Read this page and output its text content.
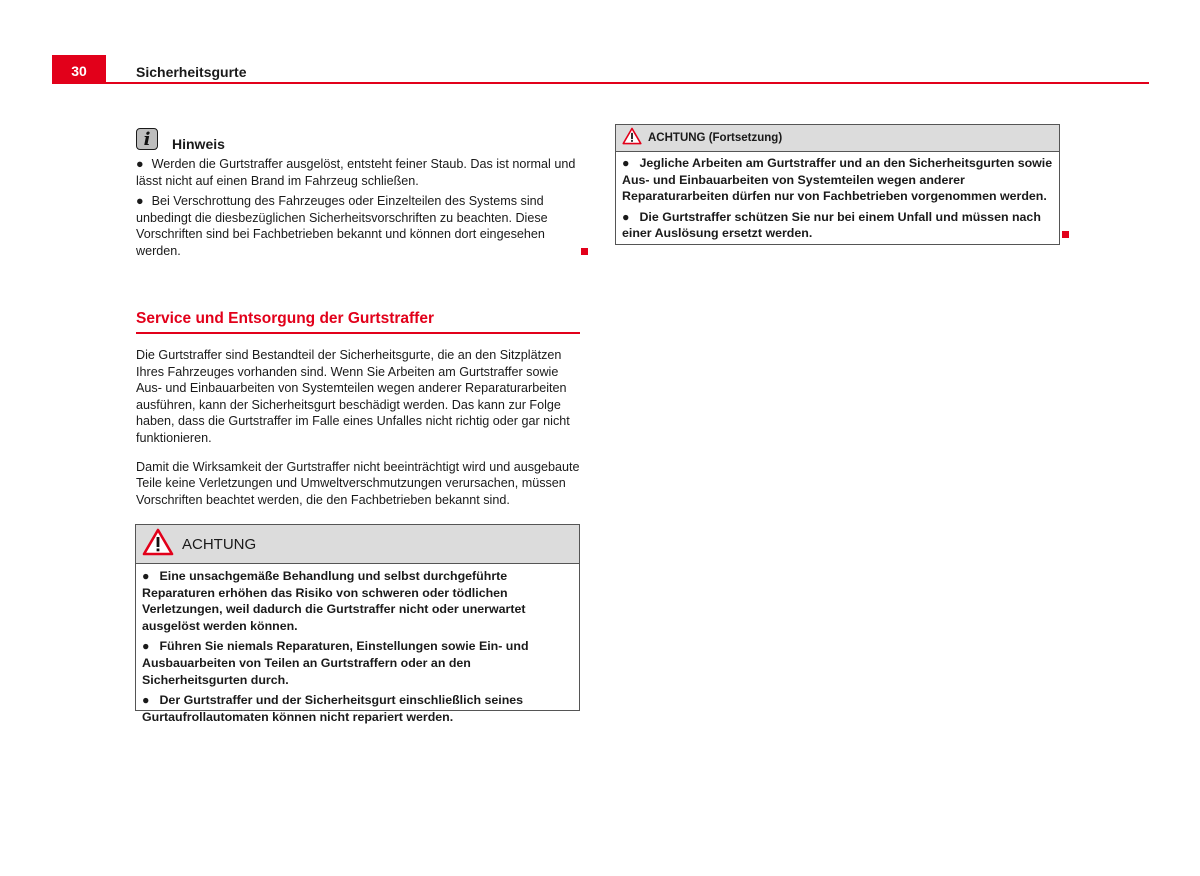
30	Sicherheitsgurte
i	Hinweis

● Werden die Gurtstraffer ausgelöst, entsteht feiner Staub. Das ist normal und lässt nicht auf einen Brand im Fahrzeug schließen.

● Bei Verschrottung des Fahrzeuges oder Einzelteilen des Systems sind unbedingt die diesbezüglichen Sicherheitsvorschriften zu beachten. Diese Vorschriften sind bei Fachbetrieben bekannt und können dort eingesehen werden.

Service und Entsorgung der Gurtstraffer

Die Gurtstraffer sind Bestandteil der Sicherheitsgurte, die an den Sitzplätzen Ihres Fahrzeuges vorhanden sind. Wenn Sie Arbeiten am Gurtstraffer sowie Aus- und Einbauarbeiten von Systemteilen wegen anderer Reparaturarbeiten ausführen, kann der Sicherheitsgurt beschädigt werden. Das kann zur Folge haben, dass die Gurtstraffer im Falle eines Unfalles nicht richtig oder gar nicht funktionieren.

Damit die Wirksamkeit der Gurtstraffer nicht beeinträchtigt wird und ausgebaute Teile keine Verletzungen und Umweltverschmutzungen verursachen, müssen Vorschriften beachtet werden, die den Fachbetrieben bekannt sind.

ACHTUNG

● Eine unsachgemäße Behandlung und selbst durchgeführte Reparaturen erhöhen das Risiko von schweren oder tödlichen Verletzungen, weil dadurch die Gurtstraffer nicht oder unerwartet ausgelöst werden können.

● Führen Sie niemals Reparaturen, Einstellungen sowie Ein- und Ausbauarbeiten von Teilen an Gurtstraffern oder an den Sicherheitsgurten durch.

● Der Gurtstraffer und der Sicherheitsgurt einschließlich seines Gurtaufrollautomaten können nicht repariert werden.

ACHTUNG (Fortsetzung)

● Jegliche Arbeiten am Gurtstraffer und an den Sicherheitsgurten sowie Aus- und Einbauarbeiten von Systemteilen wegen anderer Reparaturarbeiten dürfen nur von Fachbetrieben vorgenommen werden.

● Die Gurtstraffer schützen Sie nur bei einem Unfall und müssen nach einer Auslösung ersetzt werden.
